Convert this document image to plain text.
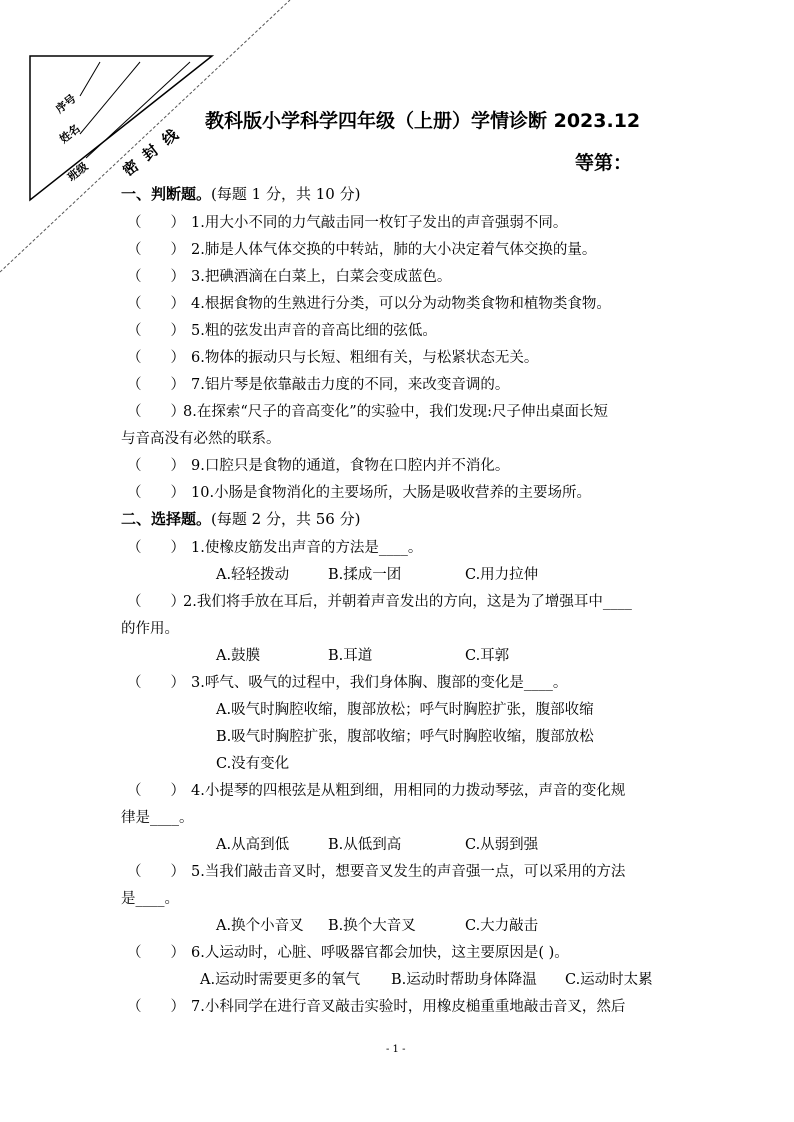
序号
姓名
班级 密封线 教科版小学科学四年级（上册）学情诊断 2023.12
等第：
一、判断题。(每题 1 分，共 10 分)
（　　） 1.用大小不同的力气敲击同一枚钉子发出的声音强弱不同。
（　　） 2.肺是人体气体交换的中转站，肺的大小决定着气体交换的量。
（　　） 3.把碘酒滴在白菜上，白菜会变成蓝色。
（　　） 4.根据食物的生熟进行分类，可以分为动物类食物和植物类食物。
（　　） 5.粗的弦发出声音的音高比细的弦低。
（　　） 6.物体的振动只与长短、粗细有关，与松紧状态无关。
（　　） 7.铝片琴是依靠敲击力度的不同，来改变音调的。
（　　）8.在探索“尺子的音高变化”的实验中，我们发现:尺子伸出桌面长短
与音高没有必然的联系。
（　　） 9.口腔只是食物的通道，食物在口腔内并不消化。
（　　） 10.小肠是食物消化的主要场所，大肠是吸收营养的主要场所。
二、选择题。(每题 2 分，共 56 分)
（　　） 1.使橡皮筋发出声音的方法是____。
A.轻轻拨动	B.揉成一团	C.用力拉伸
（　　）2.我们将手放在耳后，并朝着声音发出的方向，这是为了增强耳中____
的作用。
A.鼓膜	B.耳道	C.耳郭
（　　） 3.呼气、吸气的过程中，我们身体胸、腹部的变化是____。
A.吸气时胸腔收缩，腹部放松；呼气时胸腔扩张，腹部收缩
B.吸气时胸腔扩张，腹部收缩；呼气时胸腔收缩，腹部放松
C.没有变化
（　　） 4.小提琴的四根弦是从粗到细，用相同的力拨动琴弦，声音的变化规
律是____。
A.从高到低	B.从低到高	C.从弱到强
（　　） 5.当我们敲击音叉时，想要音叉发生的声音强一点，可以采用的方法
是____。
A.换个小音叉 B.换个大音叉	C.大力敲击
（　　） 6.人运动时，心脏、呼吸器官都会加快，这主要原因是( )。
A.运动时需要更多的氧气 B.运动时帮助身体降温 C.运动时太累
（　　） 7.小科同学在进行音叉敲击实验时，用橡皮槌重重地敲击音叉，然后
- 1 -
